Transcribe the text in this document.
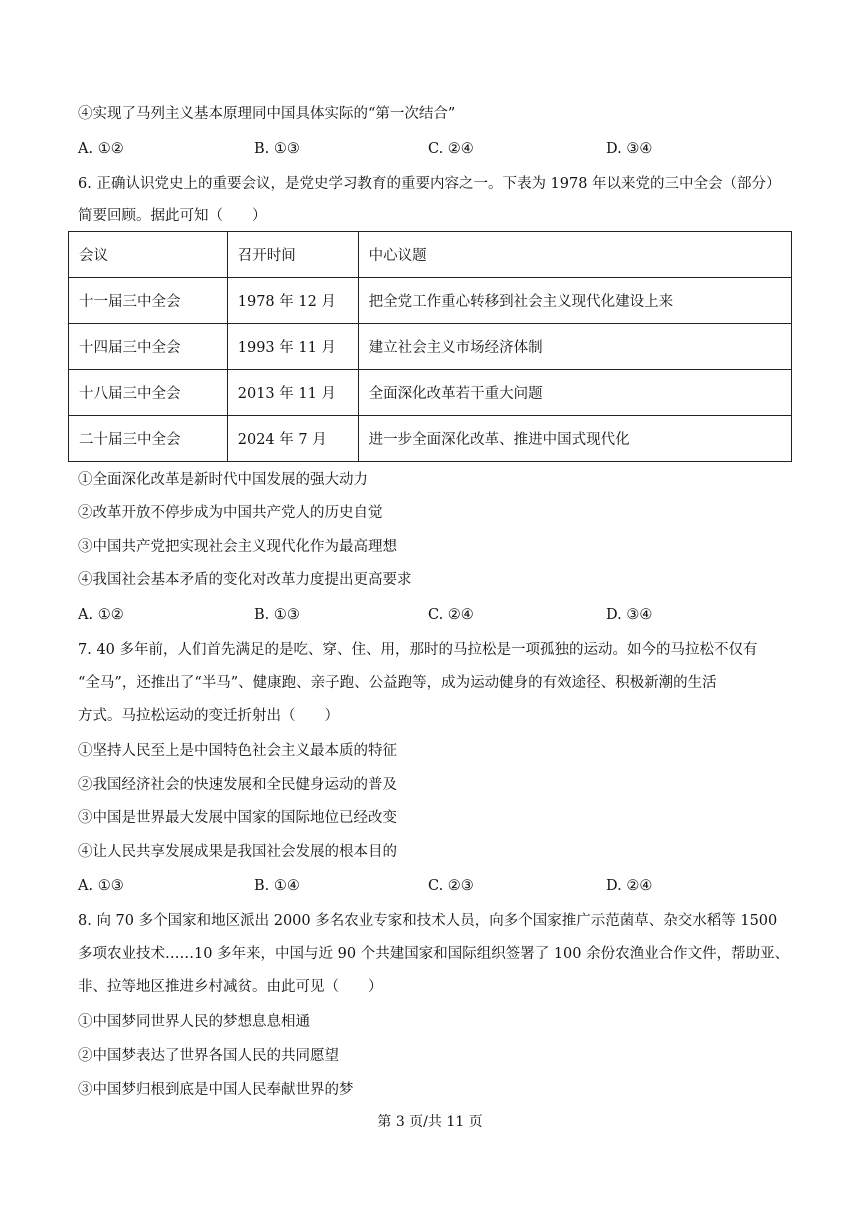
④实现了马列主义基本原理同中国具体实际的“第一次结合”
A. ①②	B. ①③	C. ②④	D. ③④
6. 正确认识党史上的重要会议，是党史学习教育的重要内容之一。下表为 1978 年以来党的三中全会（部分）
简要回顾。据此可知（　　）
会议	召开时间	中心议题
十一届三中全会	1978 年 12 月	把全党工作重心转移到社会主义现代化建设上来
十四届三中全会	1993 年 11 月	建立社会主义市场经济体制
十八届三中全会	2013 年 11 月	全面深化改革若干重大问题
二十届三中全会	2024 年 7 月	进一步全面深化改革、推进中国式现代化
①全面深化改革是新时代中国发展的强大动力
②改革开放不停步成为中国共产党人的历史自觉
③中国共产党把实现社会主义现代化作为最高理想
④我国社会基本矛盾的变化对改革力度提出更高要求
A. ①②	B. ①③	C. ②④	D. ③④
7. 40 多年前，人们首先满足的是吃、穿、住、用，那时的马拉松是一项孤独的运动。如今的马拉松不仅有
“全马”，还推出了“半马”、健康跑、亲子跑、公益跑等，成为运动健身的有效途径、积极新潮的生活
方式。马拉松运动的变迁折射出（　　）
①坚持人民至上是中国特色社会主义最本质的特征
②我国经济社会的快速发展和全民健身运动的普及
③中国是世界最大发展中国家的国际地位已经改变
④让人民共享发展成果是我国社会发展的根本目的
A. ①③	B. ①④	C. ②③	D. ②④
8. 向 70 多个国家和地区派出 2000 多名农业专家和技术人员，向多个国家推广示范菌草、杂交水稻等 1500
多项农业技术……10 多年来，中国与近 90 个共建国家和国际组织签署了 100 余份农渔业合作文件，帮助亚、
非、拉等地区推进乡村减贫。由此可见（　　）
①中国梦同世界人民的梦想息息相通
②中国梦表达了世界各国人民的共同愿望
③中国梦归根到底是中国人民奉献世界的梦
第 3 页/共 11 页
